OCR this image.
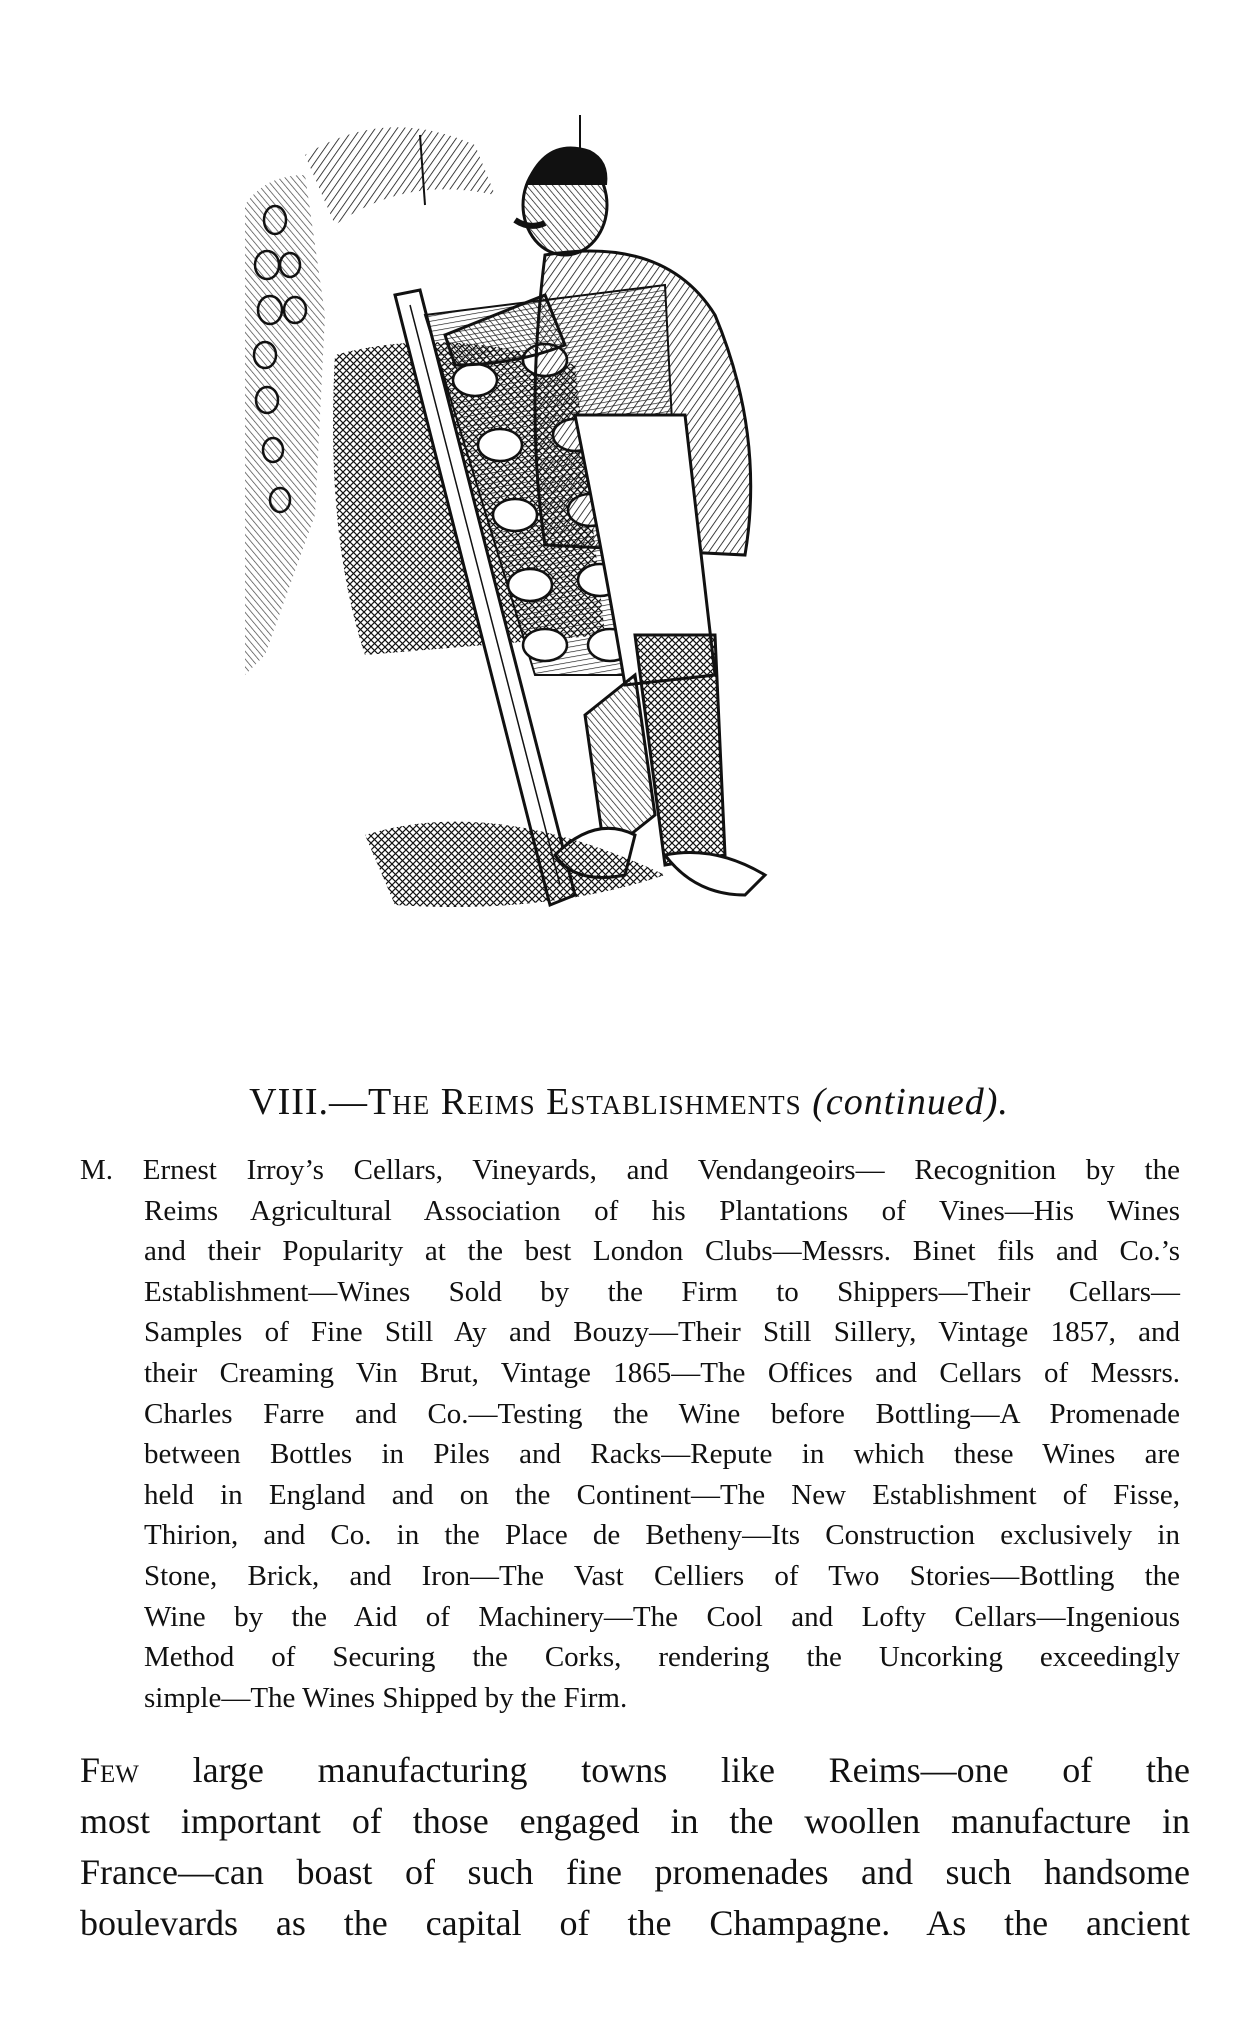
VIII.—The Reims Establishments (continued).
M. Ernest Irroy’s Cellars, Vineyards, and Vendangeoirs— Recognition by the
Reims Agricultural Association of his Plantations of Vines—His Wines
and their Popularity at the best London Clubs—Messrs. Binet fils and Co.’s
Establishment—Wines Sold by the Firm to Shippers—Their Cellars—
Samples of Fine Still Ay and Bouzy—Their Still Sillery, Vintage 1857, and
their Creaming Vin Brut, Vintage 1865—The Offices and Cellars of Messrs.
Charles Farre and Co.—Testing the Wine before Bottling—A Promenade
between Bottles in Piles and Racks—Repute in which these Wines are
held in England and on the Continent—The New Establishment of Fisse,
Thirion, and Co. in the Place de Betheny—Its Construction exclusively in
Stone, Brick, and Iron—The Vast Celliers of Two Stories—Bottling the
Wine by the Aid of Machinery—The Cool and Lofty Cellars—Ingenious
Method of Securing the Corks, rendering the Uncorking exceedingly
simple—The Wines Shipped by the Firm.
Few large manufacturing towns like Reims—one of the
most important of those engaged in the woollen manufacture in
France—can boast of such fine promenades and such handsome
boulevards as the capital of the Champagne. As the ancient
